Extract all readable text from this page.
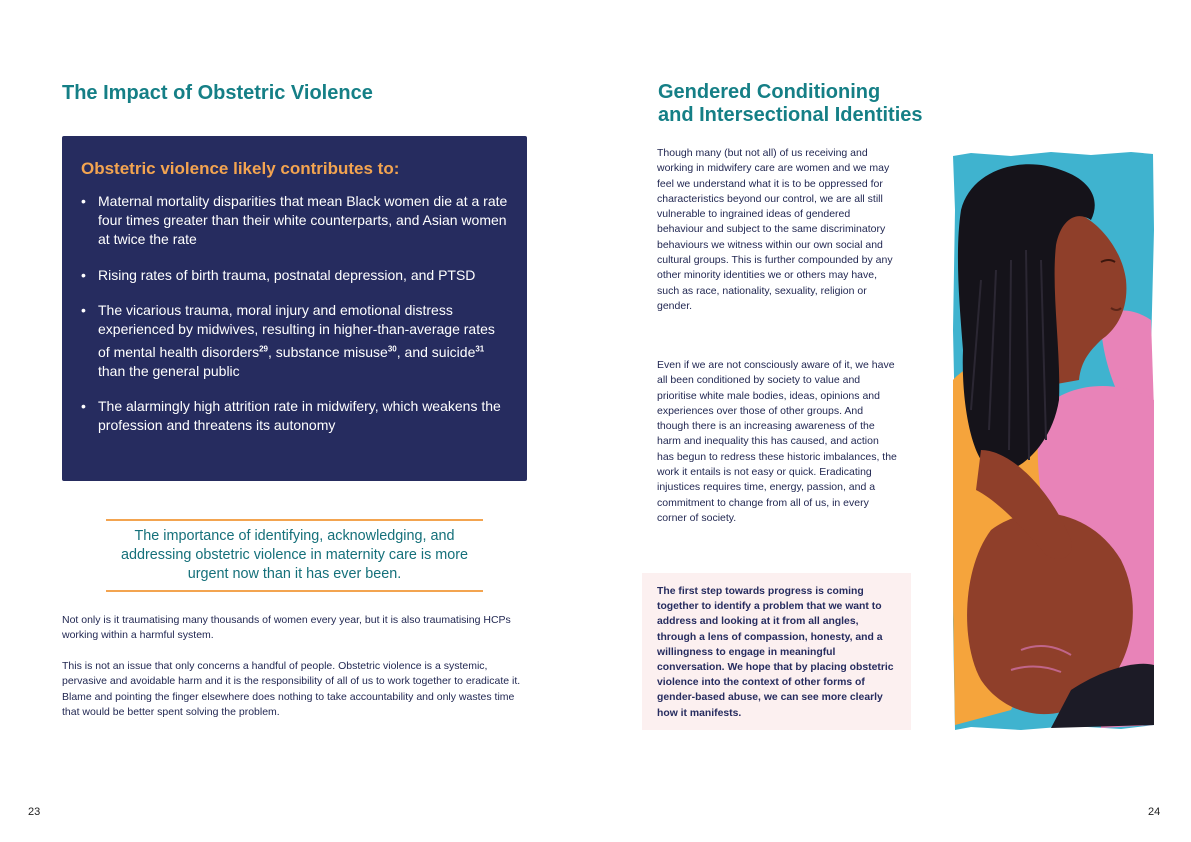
The Impact of Obstetric Violence
Obstetric violence likely contributes to:
• Maternal mortality disparities that mean Black women die at a rate four times greater than their white counterparts, and Asian women at twice the rate
• Rising rates of birth trauma, postnatal depression, and PTSD
• The vicarious trauma, moral injury and emotional distress experienced by midwives, resulting in higher-than-average rates of mental health disorders$^{29}$, substance misuse$^{30}$, and suicide$^{31}$ than the general public
• The alarmingly high attrition rate in midwifery, which weakens the profession and threatens its autonomy
The importance of identifying, acknowledging, and addressing obstetric violence in maternity care is more urgent now than it has ever been.

Not only is it traumatising many thousands of women every year, but it is also traumatising HCPs working within a harmful system.

This is not an issue that only concerns a handful of people. Obstetric violence is a systemic, pervasive and avoidable harm and it is the responsibility of all of us to work together to eradicate it. Blame and pointing the finger elsewhere does nothing to take accountability and only wastes time that would be better spent solving the problem.

23
Gendered Conditioning
and Intersectional Identities

Though many (but not all) of us receiving and working in midwifery care are women and we may feel we understand what it is to be oppressed for characteristics beyond our control, we are all still vulnerable to ingrained ideas of gendered behaviour and subject to the same discriminatory behaviours we witness within our own social and cultural groups. This is further compounded by any other minority identities we or others may have, such as race, nationality, sexuality, religion or gender.

Even if we are not consciously aware of it, we have all been conditioned by society to value and prioritise white male bodies, ideas, opinions and experiences over those of other groups. And though there is an increasing awareness of the harm and inequality this has caused, and action has begun to redress these historic imbalances, the work it entails is not easy or quick. Eradicating injustices requires time, energy, passion, and a commitment to change from all of us, in every corner of society.

The first step towards progress is coming together to identify a problem that we want to address and looking at it from all angles, through a lens of compassion, honesty, and a willingness to engage in meaningful conversation. We hope that by placing obstetric violence into the context of other forms of gender-based abuse, we can see more clearly how it manifests.

24
